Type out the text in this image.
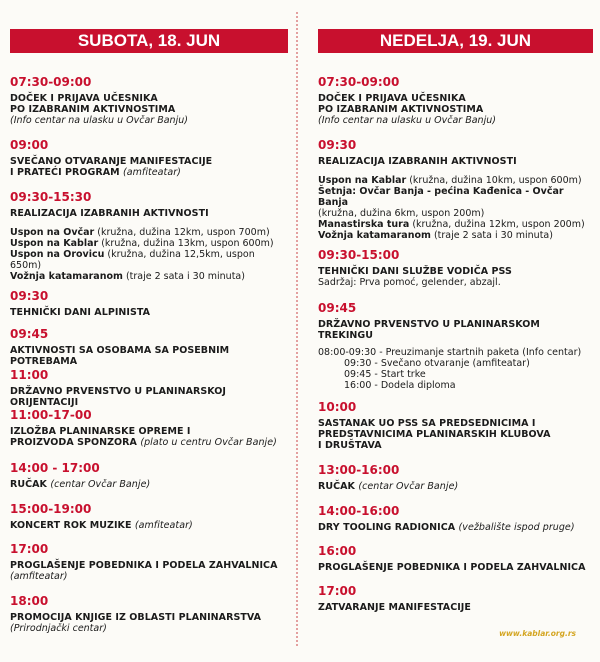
SUBOTA, 18. JUN
07:30-09:00
DOČEK I PRIJAVA UČESNIKA
PO IZABRANIM AKTIVNOSTIMA
(Info centar na ulasku u Ovčar Banju)
09:00
SVEČANO OTVARANJE MANIFESTACIJE
I PRATEĆI PROGRAM (amfiteatar)
09:30-15:30
REALIZACIJA IZABRANIH AKTIVNOSTI
Uspon na Ovčar (kružna, dužina 12km, uspon 700m)
Uspon na Kablar (kružna, dužina 13km, uspon 600m)
Uspon na Orovicu (kružna, dužina 12,5km, uspon 650m)
Vožnja katamaranom (traje 2 sata i 30 minuta)
09:30
TEHNIČKI DANI ALPINISTA
09:45
AKTIVNOSTI SA OSOBAMA SA POSEBNIM POTREBAMA
11:00
DRŽAVNO PRVENSTVO U PLANINARSKOJ ORIJENTACIJI
11:00-17-00
IZLOŽBA PLANINARSKE OPREME I
PROIZVODA SPONZORA (plato u centru Ovčar Banje)
14:00 - 17:00
RUČAK (centar Ovčar Banje)
15:00-19:00
KONCERT ROK MUZIKE (amfiteatar)
17:00
PROGLAŠENJE POBEDNIKA I PODELA ZAHVALNICA
(amfiteatar)
18:00
PROMOCIJA KNJIGE IZ OBLASTI PLANINARSTVA
(Prirodnjački centar)
NEDELJA, 19. JUN
07:30-09:00
DOČEK I PRIJAVA UČESNIKA
PO IZABRANIM AKTIVNOSTIMA
(Info centar na ulasku u Ovčar Banju)
09:30
REALIZACIJA IZABRANIH AKTIVNOSTI
Uspon na Kablar (kružna, dužina 10km, uspon 600m)
Šetnja: Ovčar Banja - pećina Kađenica - Ovčar Banja
(kružna, dužina 6km, uspon 200m)
Manastirska tura (kružna, dužina 12km, uspon 200m)
Vožnja katamaranom (traje 2 sata i 30 minuta)
09:30-15:00
TEHNIČKI DANI SLUŽBE VODIČA PSS
Sadržaj: Prva pomoć, gelender, abzajl.
09:45
DRŽAVNO PRVENSTVO U PLANINARSKOM TREKINGU
08:00-09:30 - Preuzimanje startnih paketa (Info centar)
09:30 - Svečano otvaranje (amfiteatar)
09:45 - Start trke
16:00 - Dodela diploma
10:00
SASTANAK UO PSS SA PREDSEDNICIMA I
PREDSTAVNICIMA PLANINARSKIH KLUBOVA
I DRUŠTAVA
13:00-16:00
RUČAK (centar Ovčar Banje)
14:00-16:00
DRY TOOLING RADIONICA (vežbalište ispod pruge)
16:00
PROGLAŠENJE POBEDNIKA I PODELA ZAHVALNICA
17:00
ZATVARANJE MANIFESTACIJE
www.kablar.org.rs
